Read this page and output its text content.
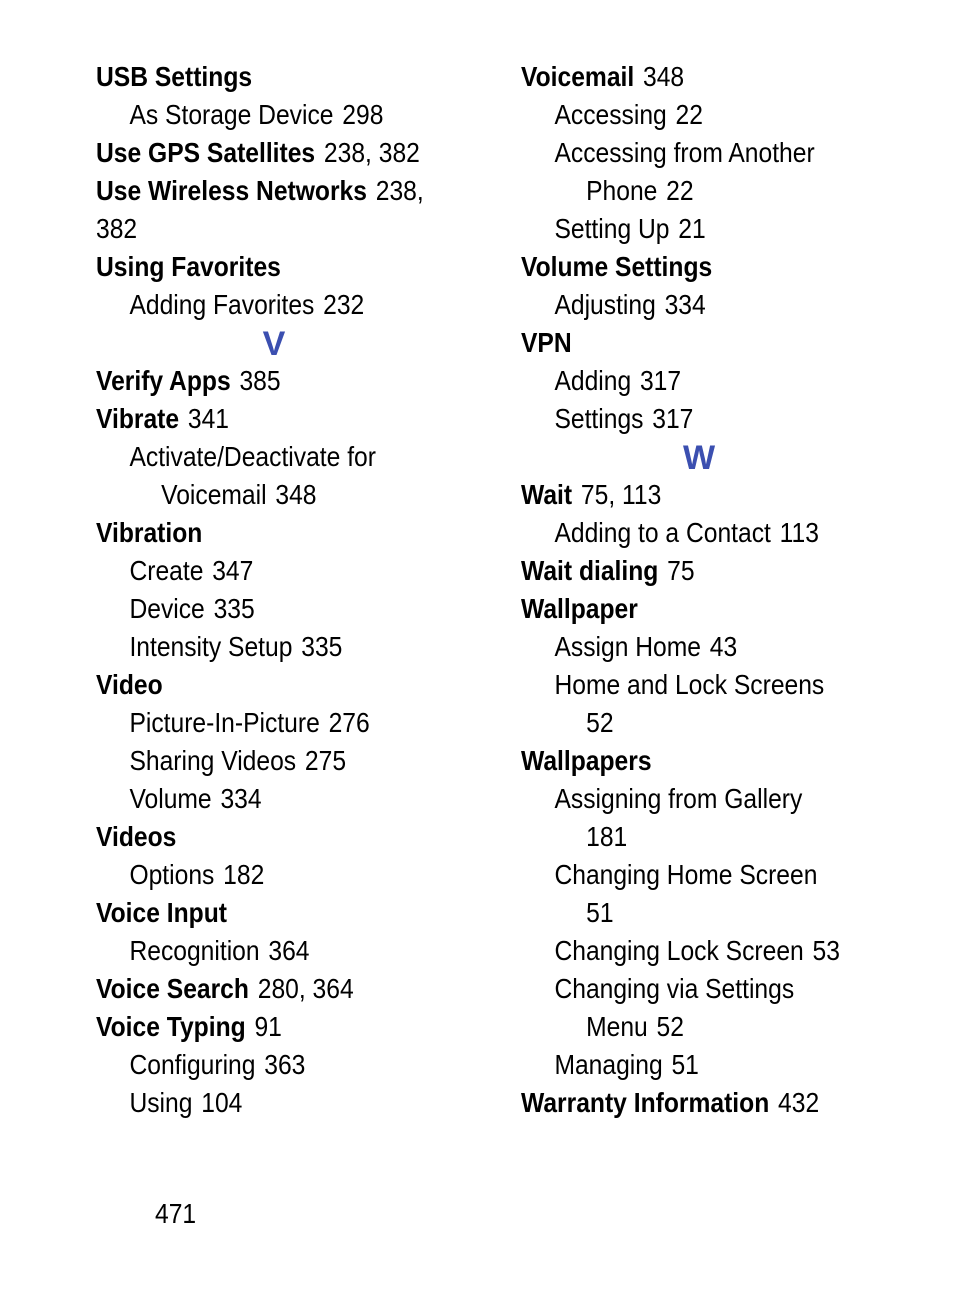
USB Settings
As Storage Device 298
Use GPS Satellites 238, 382
Use Wireless Networks 238,
382
Using Favorites
Adding Favorites 232
V
Verify Apps 385
Vibrate 341
Activate/Deactivate for
Voicemail 348
Vibration
Create 347
Device 335
Intensity Setup 335
Video
Picture-In-Picture 276
Sharing Videos 275
Volume 334
Videos
Options 182
Voice Input
Recognition 364
Voice Search 280, 364
Voice Typing 91
Configuring 363
Using 104
Voicemail 348
Accessing 22
Accessing from Another
Phone 22
Setting Up 21
Volume Settings
Adjusting 334
VPN
Adding 317
Settings 317
W
Wait 75, 113
Adding to a Contact 113
Wait dialing 75
Wallpaper
Assign Home 43
Home and Lock Screens
52
Wallpapers
Assigning from Gallery
181
Changing Home Screen
51
Changing Lock Screen 53
Changing via Settings
Menu 52
Managing 51
Warranty Information 432
471
